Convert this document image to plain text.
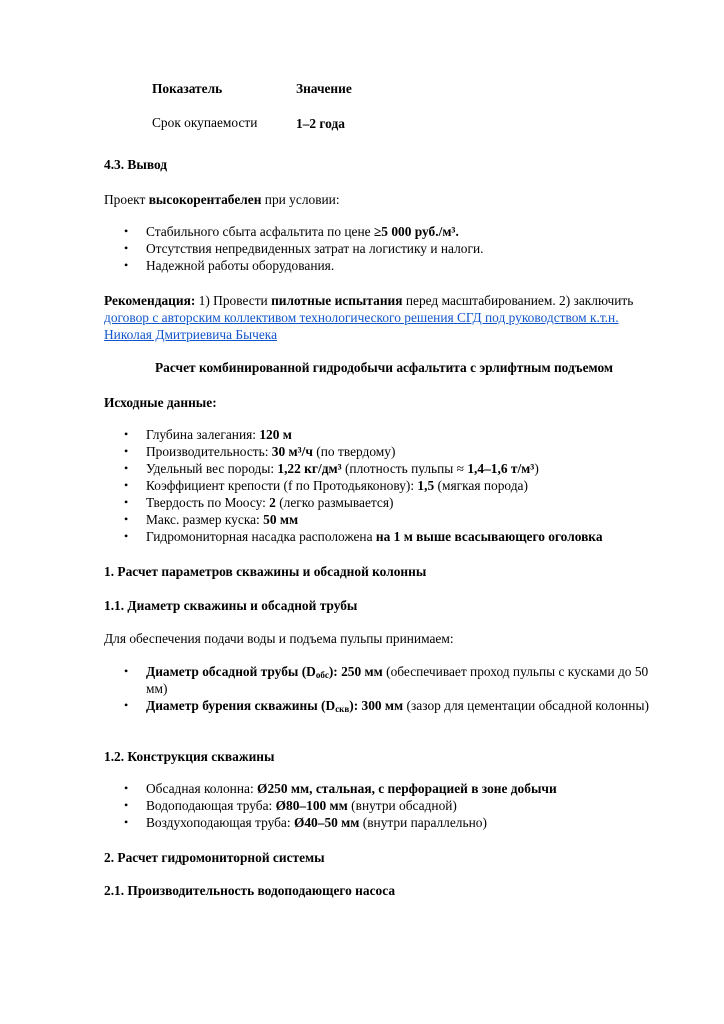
Показатель	Значение
Срок окупаемости	1–2 года
4.3. Вывод
Проект высокорентабелен при условии:
• Стабильного сбыта асфальтита по цене ≥5 000 руб./м³.
• Отсутствия непредвиденных затрат на логистику и налоги.
• Надежной работы оборудования.
Рекомендация: 1) Провести пилотные испытания перед масштабированием. 2) заключить договор с авторским коллективом технологического решения СГД под руководством к.т.н. Николая Дмитриевича Бычека
Расчет комбинированной гидродобычи асфальтита с эрлифтным подъемом
Исходные данные:
• Глубина залегания: 120 м
• Производительность: 30 м³/ч (по твердому)
• Удельный вес породы: 1,22 кг/дм³ (плотность пульпы ≈ 1,4–1,6 т/м³)
• Коэффициент крепости (f по Протодьяконову): 1,5 (мягкая порода)
• Твердость по Моосу: 2 (легко размывается)
• Макс. размер куска: 50 мм
• Гидромониторная насадка расположена на 1 м выше всасывающего оголовка
1. Расчет параметров скважины и обсадной колонны
1.1. Диаметр скважины и обсадной трубы
Для обеспечения подачи воды и подъема пульпы принимаем:
• Диаметр обсадной трубы $(D_{обс})$: 250 мм (обеспечивает проход пульпы с кусками до 50 мм)
• Диаметр бурения скважины $(D_{скв})$: 300 мм (зазор для цементации обсадной колонны)
1.2. Конструкция скважины
• Обсадная колонна: Ø250 мм, стальная, с перфорацией в зоне добычи
• Водоподающая труба: Ø80–100 мм (внутри обсадной)
• Воздухоподающая труба: Ø40–50 мм (внутри параллельно)
2. Расчет гидромониторной системы
2.1. Производительность водоподающего насоса
